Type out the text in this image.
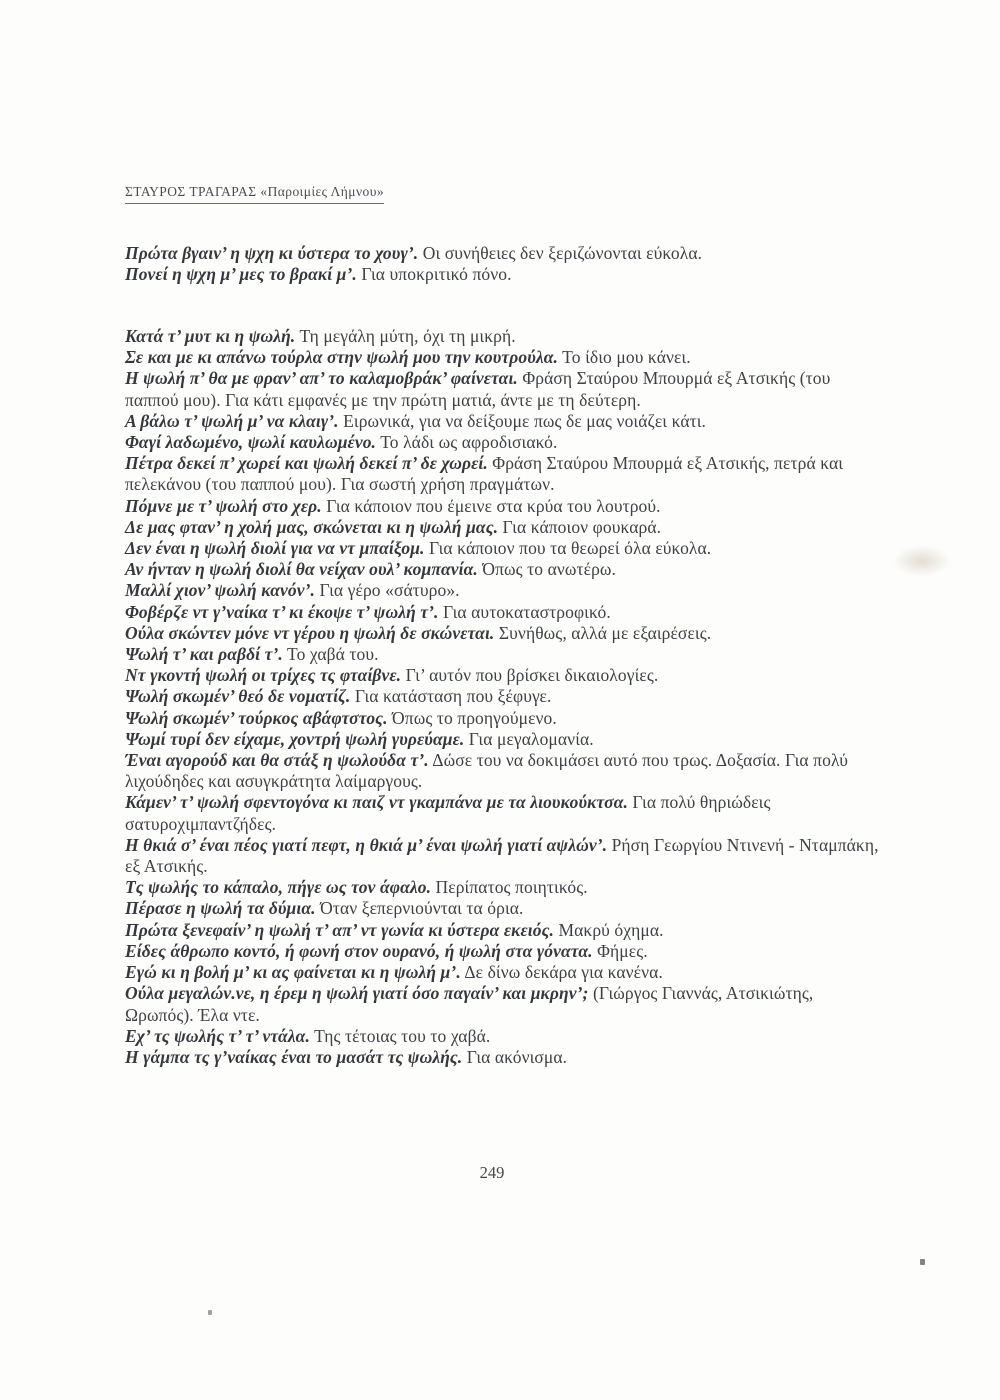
ΣΤΑΥΡΟΣ ΤΡΑΓΑΡΑΣ «Παροιμίες Λήμνου»

Πρώτα βγαιν’ η ψχη κι ύστερα το χουγ’. Οι συνήθειες δεν ξεριζώνονται εύκολα.

Πονεί η ψχη μ’ μες το βρακί μ’. Για υποκριτικό πόνο.

Κατά τ’ μυτ κι η ψωλή. Τη μεγάλη μύτη, όχι τη μικρή.

Σε και με κι απάνω τούρλα στην ψωλή μου την κουτρούλα. Το ίδιο μου κάνει.

Η ψωλή π’ θα με φραν’ απ’ το καλαμοβράκ’ φαίνεται. Φράση Σταύρου Μπουρμά εξ Ατσικής (του παππού μου). Για κάτι εμφανές με την πρώτη ματιά, άντε με τη δεύτερη.

Α βάλω τ’ ψωλή μ’ να κλαιγ’. Ειρωνικά, για να δείξουμε πως δε μας νοιάζει κάτι.

Φαγί λαδωμένο, ψωλί καυλωμένο. Το λάδι ως αφροδισιακό.

Πέτρα δεκεί π’ χωρεί και ψωλή δεκεί π’ δε χωρεί. Φράση Σταύρου Μπουρμά εξ Ατσικής, πετρά και πελεκάνου (του παππού μου). Για σωστή χρήση πραγμάτων.

Πόμνε με τ’ ψωλή στο χερ. Για κάποιον που έμεινε στα κρύα του λουτρού.

Δε μας φταν’ η χολή μας, σκώνεται κι η ψωλή μας. Για κάποιον φουκαρά.

Δεν έναι η ψωλή διολί για να ντ μπαίξομ. Για κάποιον που τα θεωρεί όλα εύκολα.

Αν ήνταν η ψωλή διολί θα νείχαν ουλ’ κομπανία. Όπως το ανωτέρω.

Μαλλί χιον’ ψωλή κανόν’. Για γέρο «σάτυρο».

Φοβέρζε ντ γ’ναίκα τ’ κι έκοψε τ’ ψωλή τ’. Για αυτοκαταστροφικό.

Ούλα σκώντεν μόνε ντ γέρου η ψωλή δε σκώνεται. Συνήθως, αλλά με εξαιρέσεις.

Ψωλή τ’ και ραβδί τ’. Το χαβά του.

Ντ γκοντή ψωλή οι τρίχες τς φταίβνε. Γι’ αυτόν που βρίσκει δικαιολογίες.

Ψωλή σκωμέν’ θεό δε νοματίζ. Για κατάσταση που ξέφυγε.

Ψωλή σκωμέν’ τούρκος αβάφτστος. Όπως το προηγούμενο.

Ψωμί τυρί δεν είχαμε, χοντρή ψωλή γυρεύαμε. Για μεγαλομανία.

Έναι αγορούδ και θα στάξ η ψωλούδα τ’. Δώσε του να δοκιμάσει αυτό που τρως. Δοξασία. Για πολύ λιχούδηδες και ασυγκράτητα λαίμαργους.

Κάμεν’ τ’ ψωλή σφεντογόνα κι παιζ ντ γκαμπάνα με τα λιουκούκτσα. Για πολύ θηριώδεις σατυροχιμπαντζήδες.

Η θκιά σ’ έναι πέος γιατί πεφτ, η θκιά μ’ έναι ψωλή γιατί αψλών’. Ρήση Γεωργίου Ντινενή - Νταμπάκη, εξ Ατσικής.

Τς ψωλής το κάπαλο, πήγε ως τον άφαλο. Περίπατος ποιητικός.

Πέρασε η ψωλή τα δύμια. Όταν ξεπερνιούνται τα όρια.

Πρώτα ξενεφαίν’ η ψωλή τ’ απ’ ντ γωνία κι ύστερα εκειός. Μακρύ όχημα.

Είδες άθρωπο κοντό, ή φωνή στον ουρανό, ή ψωλή στα γόνατα. Φήμες.

Εγώ κι η βολή μ’ κι ας φαίνεται κι η ψωλή μ’. Δε δίνω δεκάρα για κανένα.

Ούλα μεγαλών.νε, η έρεμ η ψωλή γιατί όσο παγαίν’ και μκρην’; (Γιώργος Γιαννάς, Ατσικιώτης, Ωρωπός). Έλα ντε.

Εχ’ τς ψωλής τ’ τ’ ντάλα. Της τέτοιας του το χαβά.

Η γάμπα τς γ’ναίκας έναι το μασάτ τς ψωλής. Για ακόνισμα.

249
